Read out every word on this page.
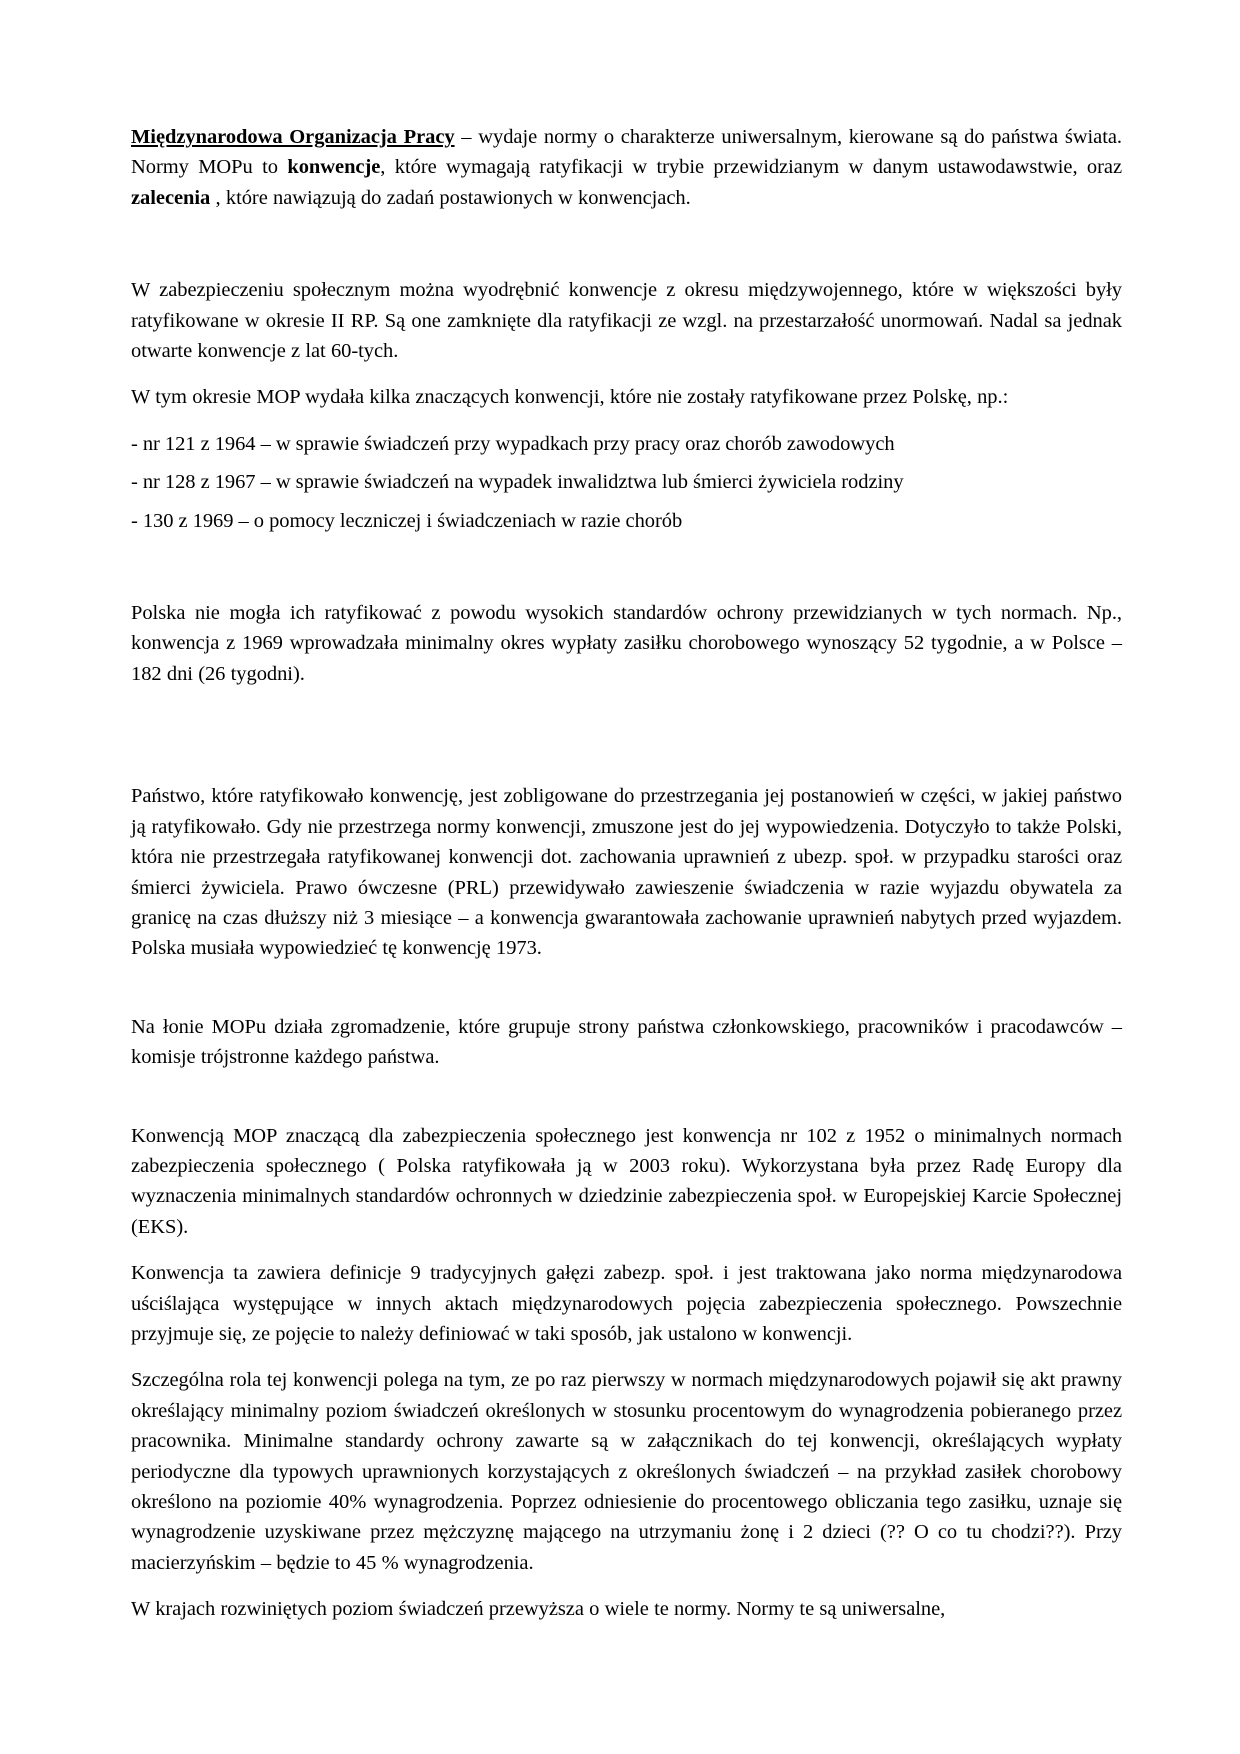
Międzynarodowa Organizacja Pracy – wydaje normy o charakterze uniwersalnym, kierowane są do państwa świata. Normy MOPu to konwencje, które wymagają ratyfikacji w trybie przewidzianym w danym ustawodawstwie, oraz zalecenia , które nawiązują do zadań postawionych w konwencjach.

W zabezpieczeniu społecznym można wyodrębnić konwencje z okresu międzywojennego, które w większości były ratyfikowane w okresie II RP. Są one zamknięte dla ratyfikacji ze wzgl. na przestarzałość unormowań. Nadal sa jednak otwarte konwencje z lat 60-tych.

W tym okresie MOP wydała kilka znaczących konwencji, które nie zostały ratyfikowane przez Polskę, np.:

- nr 121 z 1964 – w sprawie świadczeń przy wypadkach przy pracy oraz chorób zawodowych

- nr 128 z 1967 – w sprawie świadczeń na wypadek inwalidztwa lub śmierci żywiciela rodziny

- 130 z 1969 – o pomocy leczniczej i świadczeniach w razie chorób

Polska nie mogła ich ratyfikować z powodu wysokich standardów ochrony przewidzianych w tych normach. Np., konwencja z 1969 wprowadzała minimalny okres wypłaty zasiłku chorobowego wynoszący 52 tygodnie, a w Polsce – 182 dni (26 tygodni).

Państwo, które ratyfikowało konwencję, jest zobligowane do przestrzegania jej postanowień w części, w jakiej państwo ją ratyfikowało. Gdy nie przestrzega normy konwencji, zmuszone jest do jej wypowiedzenia. Dotyczyło to także Polski, która nie przestrzegała ratyfikowanej konwencji dot. zachowania uprawnień z ubezp. społ. w przypadku starości oraz śmierci żywiciela. Prawo ówczesne (PRL) przewidywało zawieszenie świadczenia w razie wyjazdu obywatela za granicę na czas dłuższy niż 3 miesiące – a konwencja gwarantowała zachowanie uprawnień nabytych przed wyjazdem. Polska musiała wypowiedzieć tę konwencję 1973.

Na łonie MOPu działa zgromadzenie, które grupuje strony państwa członkowskiego, pracowników i pracodawców – komisje trójstronne każdego państwa.

Konwencją MOP znaczącą dla zabezpieczenia społecznego jest konwencja nr 102 z 1952 o minimalnych normach zabezpieczenia społecznego ( Polska ratyfikowała ją w 2003 roku). Wykorzystana była przez Radę Europy dla wyznaczenia minimalnych standardów ochronnych w dziedzinie zabezpieczenia społ. w Europejskiej Karcie Społecznej (EKS).

Konwencja ta zawiera definicje 9 tradycyjnych gałęzi zabezp. społ. i jest traktowana jako norma międzynarodowa uściślająca występujące w innych aktach międzynarodowych pojęcia zabezpieczenia społecznego. Powszechnie przyjmuje się, ze pojęcie to należy definiować w taki sposób, jak ustalono w konwencji.

Szczególna rola tej konwencji polega na tym, ze po raz pierwszy w normach międzynarodowych pojawił się akt prawny określający minimalny poziom świadczeń określonych w stosunku procentowym do wynagrodzenia pobieranego przez pracownika. Minimalne standardy ochrony zawarte są w załącznikach do tej konwencji, określających wypłaty periodyczne dla typowych uprawnionych korzystających z określonych świadczeń – na przykład zasiłek chorobowy określono na poziomie 40% wynagrodzenia. Poprzez odniesienie do procentowego obliczania tego zasiłku, uznaje się wynagrodzenie uzyskiwane przez mężczyznę mającego na utrzymaniu żonę i 2 dzieci (?? O co tu chodzi??). Przy macierzyńskim – będzie to 45 % wynagrodzenia.

W krajach rozwiniętych poziom świadczeń przewyższa o wiele te normy. Normy te są uniwersalne,
